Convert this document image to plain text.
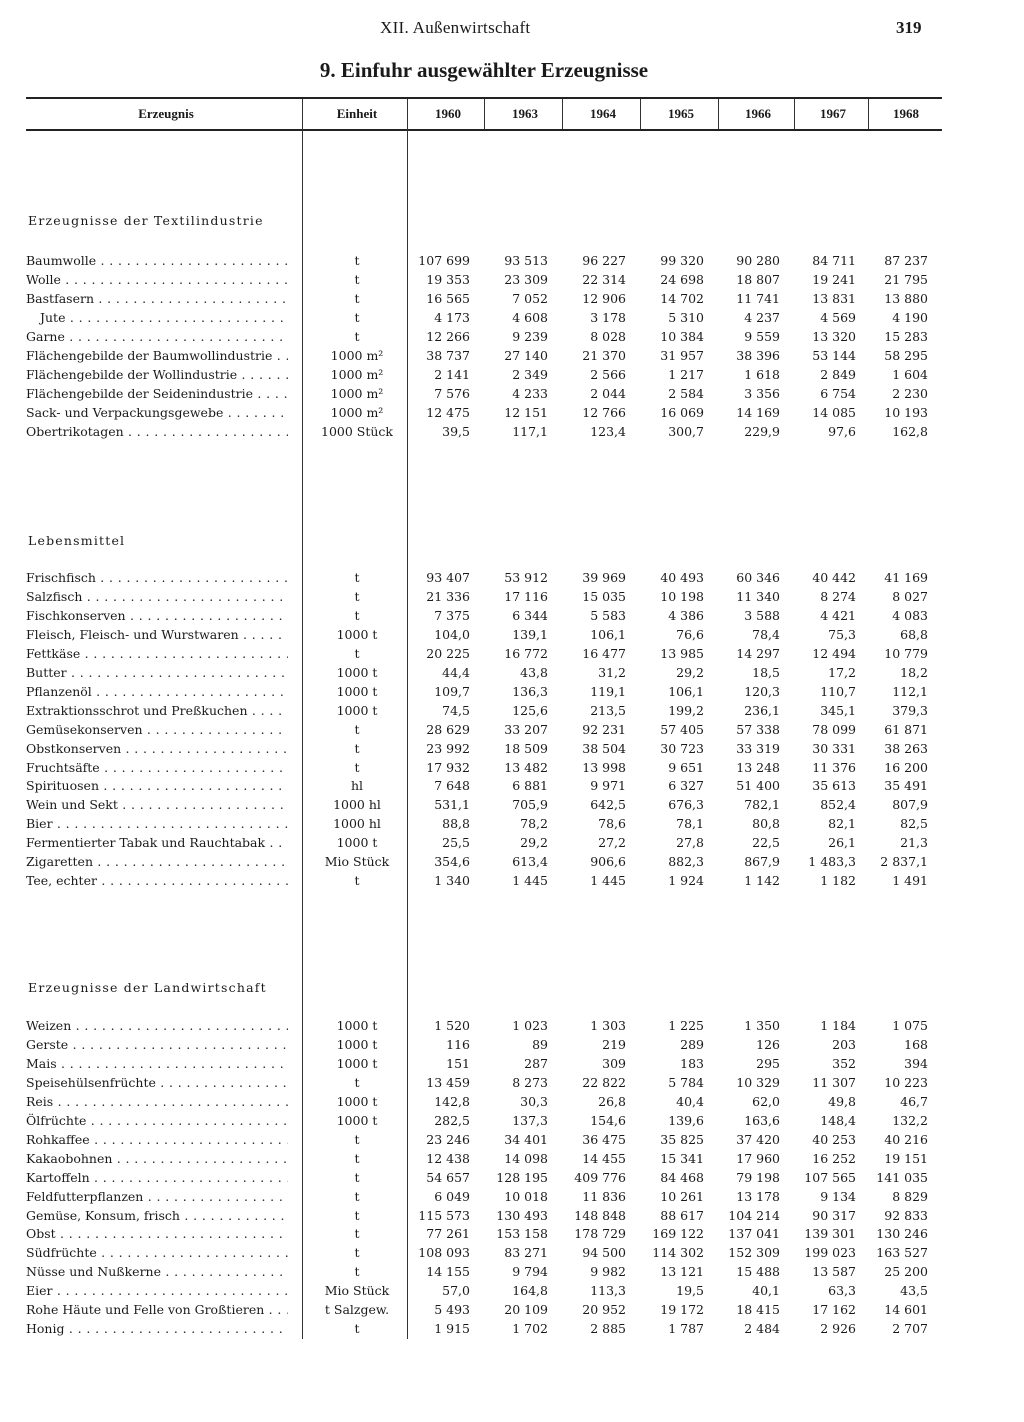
XII. Außenwirtschaft	319
9. Einfuhr ausgewählter Erzeugnisse
Erzeugnis	Einheit	1960	1963	1964	1965	1966	1967	1968
Erzeugnisse der Textilindustrie
Baumwolle . . .	t	107 699	93 513	96 227	99 320	90 280	84 711	87 237
Wolle . . .	t	19 353	23 309	22 314	24 698	18 807	19 241	21 795
Bastfasern . . .	t	16 565	7 052	12 906	14 702	11 741	13 831	13 880
Jute . . .	t	4 173	4 608	3 178	5 310	4 237	4 569	4 190
Garne . . .	t	12 266	9 239	8 028	10 384	9 559	13 320	15 283
Flächengebilde der Baumwollindustrie . . .	1000 m²	38 737	27 140	21 370	31 957	38 396	53 144	58 295
Flächengebilde der Wollindustrie . . .	1000 m²	2 141	2 349	2 566	1 217	1 618	2 849	1 604
Flächengebilde der Seidenindustrie . . .	1000 m²	7 576	4 233	2 044	2 584	3 356	6 754	2 230
Sack- und Verpackungsgewebe . . .	1000 m²	12 475	12 151	12 766	16 069	14 169	14 085	10 193
Obertrikotagen . . .	1000 Stück	39,5	117,1	123,4	300,7	229,9	97,6	162,8
Lebensmittel
Frischfisch . . .	t	93 407	53 912	39 969	40 493	60 346	40 442	41 169
Salzfisch . . .	t	21 336	17 116	15 035	10 198	11 340	8 274	8 027
Fischkonserven . . .	t	7 375	6 344	5 583	4 386	3 588	4 421	4 083
Fleisch, Fleisch- und Wurstwaren . . .	1000 t	104,0	139,1	106,1	76,6	78,4	75,3	68,8
Fettkäse . . .	t	20 225	16 772	16 477	13 985	14 297	12 494	10 779
Butter . . .	1000 t	44,4	43,8	31,2	29,2	18,5	17,2	18,2
Pflanzenöl . . .	1000 t	109,7	136,3	119,1	106,1	120,3	110,7	112,1
Extraktionsschrot und Preßkuchen . . .	1000 t	74,5	125,6	213,5	199,2	236,1	345,1	379,3
Gemüsekonserven . . .	t	28 629	33 207	92 231	57 405	57 338	78 099	61 871
Obstkonserven . . .	t	23 992	18 509	38 504	30 723	33 319	30 331	38 263
Fruchtsäfte . . .	t	17 932	13 482	13 998	9 651	13 248	11 376	16 200
Spirituosen . . .	hl	7 648	6 881	9 971	6 327	51 400	35 613	35 491
Wein und Sekt . . .	1000 hl	531,1	705,9	642,5	676,3	782,1	852,4	807,9
Bier . . .	1000 hl	88,8	78,2	78,6	78,1	80,8	82,1	82,5
Fermentierter Tabak und Rauchtabak . . .	1000 t	25,5	29,2	27,2	27,8	22,5	26,1	21,3
Zigaretten . . .	Mio Stück	354,6	613,4	906,6	882,3	867,9	1 483,3	2 837,1
Tee, echter . . .	t	1 340	1 445	1 445	1 924	1 142	1 182	1 491
Erzeugnisse der Landwirtschaft
Weizen . . .	1000 t	1 520	1 023	1 303	1 225	1 350	1 184	1 075
Gerste . . .	1000 t	116	89	219	289	126	203	168
Mais . . .	1000 t	151	287	309	183	295	352	394
Speisehülsenfrüchte . . .	t	13 459	8 273	22 822	5 784	10 329	11 307	10 223
Reis . . .	1000 t	142,8	30,3	26,8	40,4	62,0	49,8	46,7
Ölfrüchte . . .	1000 t	282,5	137,3	154,6	139,6	163,6	148,4	132,2
Rohkaffee . . .	t	23 246	34 401	36 475	35 825	37 420	40 253	40 216
Kakaobohnen . . .	t	12 438	14 098	14 455	15 341	17 960	16 252	19 151
Kartoffeln . . .	t	54 657	128 195	409 776	84 468	79 198	107 565	141 035
Feldfutterpflanzen . . .	t	6 049	10 018	11 836	10 261	13 178	9 134	8 829
Gemüse, Konsum, frisch . . .	t	115 573	130 493	148 848	88 617	104 214	90 317	92 833
Obst . . .	t	77 261	153 158	178 729	169 122	137 041	139 301	130 246
Südfrüchte . . .	t	108 093	83 271	94 500	114 302	152 309	199 023	163 527
Nüsse und Nußkerne . . .	t	14 155	9 794	9 982	13 121	15 488	13 587	25 200
Eier . . .	Mio Stück	57,0	164,8	113,3	19,5	40,1	63,3	43,5
Rohe Häute und Felle von Großtieren . . .	t Salzgew.	5 493	20 109	20 952	19 172	18 415	17 162	14 601
Honig . . .	t	1 915	1 702	2 885	1 787	2 484	2 926	2 707
